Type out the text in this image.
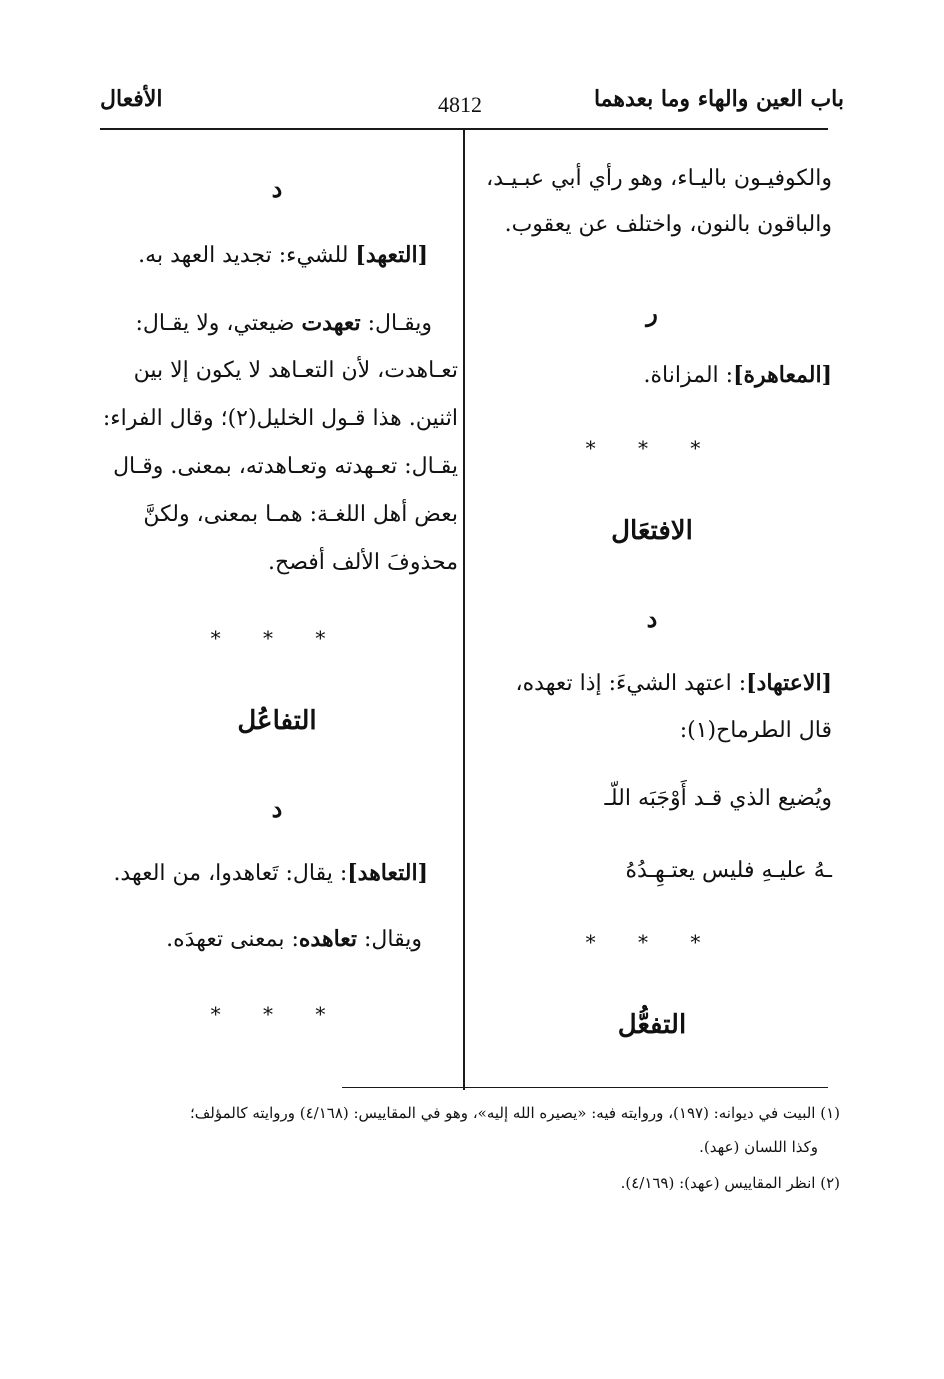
باب العين والهاء وما بعدهما
4812
الأفعال
والكوفيـون باليـاء، وهو رأي أبي عبـيـد،
والباقون بالنون، واختلف عن يعقوب.
ر
[المعاهرة]: المزاناة.
* * *
الافتعَال
د
[الاعتهاد]: اعتهد الشيءَ: إذا تعهده،
قال الطرماح(١):
ويُضيع الذي قـد أَوْجَبَه اللّـ
ـهُ عليـهِ فليس يعتـهِـدُهُ
* * *
التفعُّل
د
[التعهد] للشيء: تجديد العهد به.
ويقـال: تعهدت ضيعتي، ولا يقـال:
تعـاهدت، لأن التعـاهد لا يكون إلا بين
اثنين. هذا قـول الخليل(٢)؛ وقال الفراء:
يقـال: تعـهدته وتعـاهدته، بمعنى. وقـال
بعض أهل اللغـة: همـا بمعنى، ولكنَّ
محذوفَ الألف أفصح.
* * *
التفاعُل
د
[التعاهد]: يقال: تَعاهدوا، من العهد.
ويقال: تعاهده: بمعنى تعهدَه.
* * *
(١) البيت في ديوانه: (١٩٧)، وروايته فيه: «يصيره الله إليه»، وهو في المقاييس: (٤/١٦٨) وروايته كالمؤلف؛
وكذا اللسان (عهد).
(٢) انظر المقاييس (عهد): (٤/١٦٩).
